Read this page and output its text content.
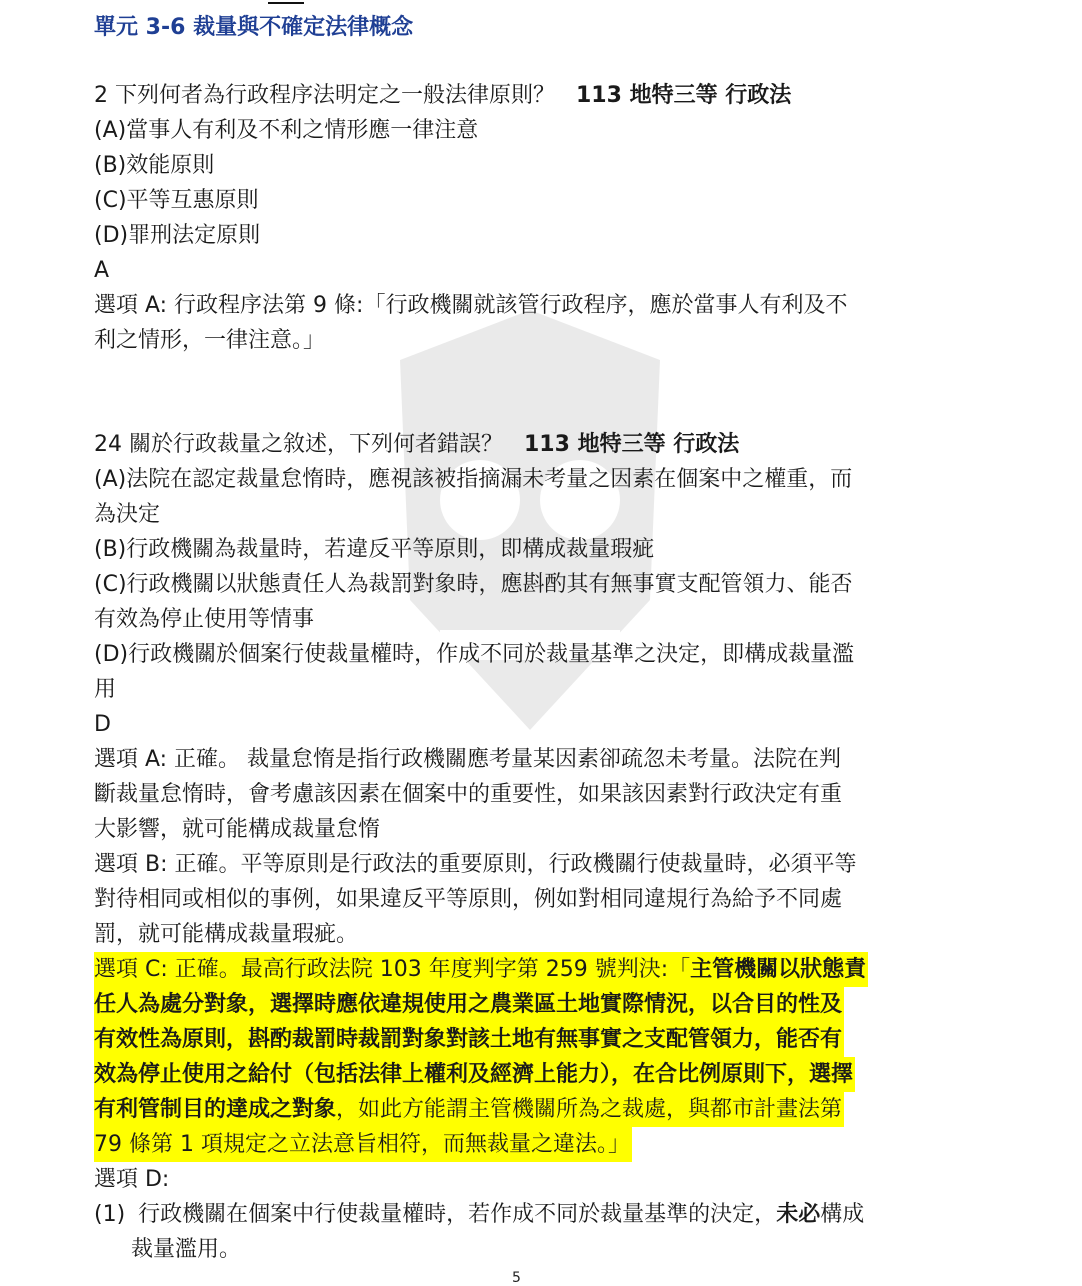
單元 3-6 裁量與不確定法律概念
2 下列何者為行政程序法明定之一般法律原則？ 113 地特三等 行政法
(A)當事人有利及不利之情形應一律注意
(B)效能原則
(C)平等互惠原則
(D)罪刑法定原則
A
選項 A: 行政程序法第 9 條:「行政機關就該管行政程序，應於當事人有利及不
利之情形，一律注意。」
24 關於行政裁量之敘述，下列何者錯誤？ 113 地特三等 行政法
(A)法院在認定裁量怠惰時，應視該被指摘漏未考量之因素在個案中之權重，而
為決定
(B)行政機關為裁量時，若違反平等原則，即構成裁量瑕疵
(C)行政機關以狀態責任人為裁罰對象時，應斟酌其有無事實支配管領力、能否
有效為停止使用等情事
(D)行政機關於個案行使裁量權時，作成不同於裁量基準之決定，即構成裁量濫
用
D
選項 A: 正確。 裁量怠惰是指行政機關應考量某因素卻疏忽未考量。法院在判
斷裁量怠惰時，會考慮該因素在個案中的重要性，如果該因素對行政決定有重
大影響，就可能構成裁量怠惰
選項 B: 正確。平等原則是行政法的重要原則，行政機關行使裁量時，必須平等
對待相同或相似的事例，如果違反平等原則，例如對相同違規行為給予不同處
罰，就可能構成裁量瑕疵。
選項 C: 正確。最高行政法院 103 年度判字第 259 號判決:「主管機關以狀態責
任人為處分對象，選擇時應依違規使用之農業區土地實際情況，以合目的性及
有效性為原則，斟酌裁罰時裁罰對象對該土地有無事實之支配管領力，能否有
效為停止使用之給付（包括法律上權利及經濟上能力），在合比例原則下，選擇
有利管制目的達成之對象，如此方能謂主管機關所為之裁處，與都市計畫法第
79 條第 1 項規定之立法意旨相符，而無裁量之違法。」
選項 D:
(1) 行政機關在個案中行使裁量權時，若作成不同於裁量基準的決定，未必構成
裁量濫用。
5
